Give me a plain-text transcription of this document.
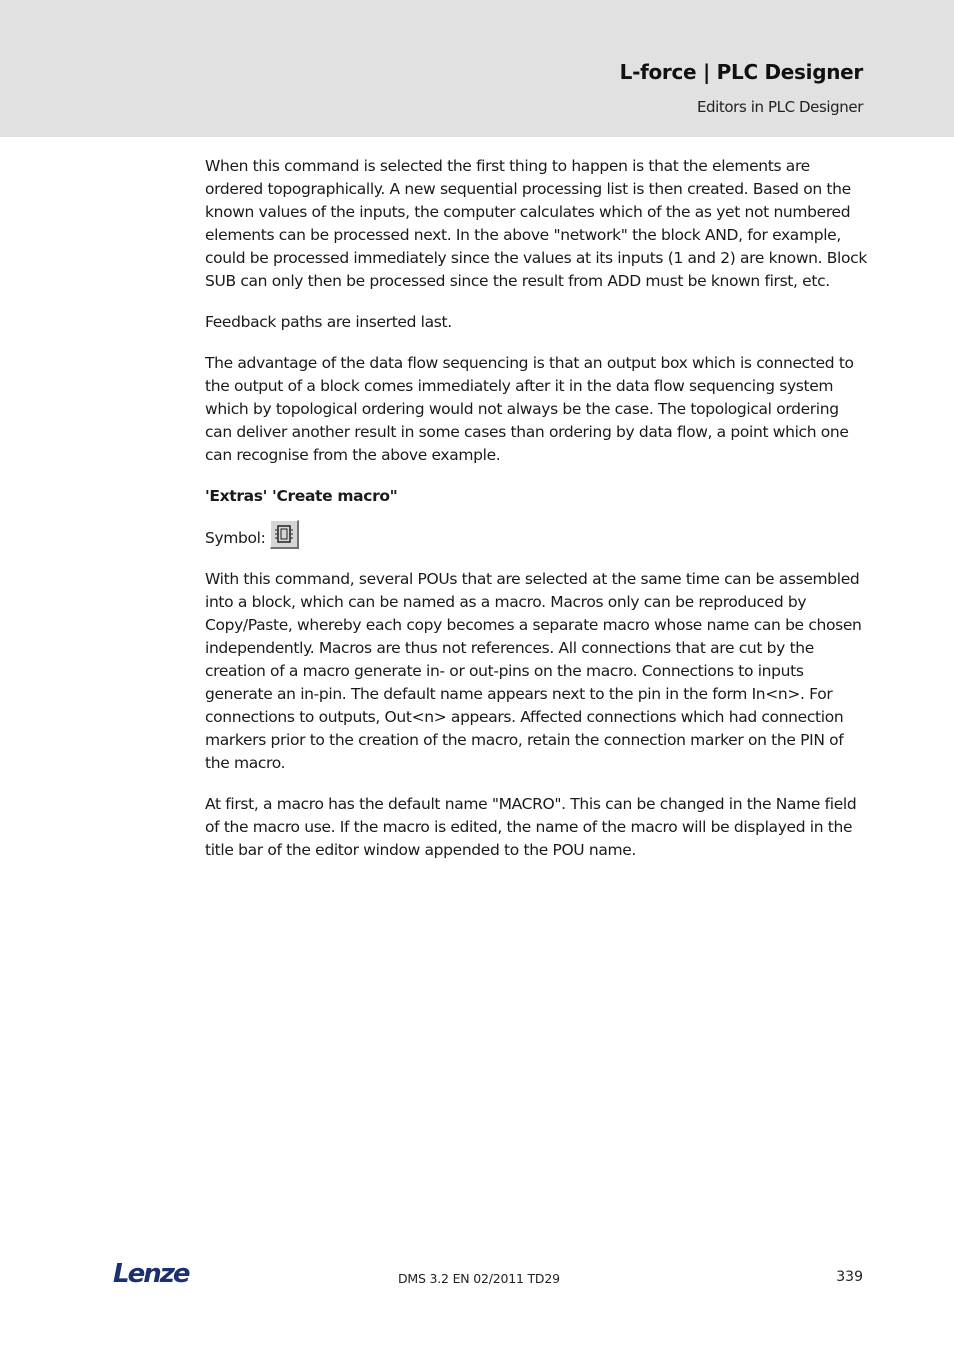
L-force | PLC Designer
Editors in PLC Designer

When this command is selected the first thing to happen is that the elements are ordered topographically. A new sequential processing list is then created. Based on the known values of the inputs, the computer calculates which of the as yet not numbered elements can be processed next. In the above "network" the block AND, for example, could be processed immediately since the values at its inputs (1 and 2) are known. Block SUB can only then be processed since the result from ADD must be known first, etc.

Feedback paths are inserted last.

The advantage of the data flow sequencing is that an output box which is connected to the output of a block comes immediately after it in the data flow sequencing system which by topological ordering would not always be the case. The topological ordering can deliver another result in some cases than ordering by data flow, a point which one can recognise from the above example.

'Extras' 'Create macro"

Symbol:

With this command, several POUs that are selected at the same time can be assembled into a block, which can be named as a macro. Macros only can be reproduced by Copy/Paste, whereby each copy becomes a separate macro whose name can be chosen independently. Macros are thus not references. All connections that are cut by the creation of a macro generate in- or out-pins on the macro. Connections to inputs generate an in-pin. The default name appears next to the pin in the form In<n>. For connections to outputs, Out<n> appears. Affected connections which had connection markers prior to the creation of the macro, retain the connection marker on the PIN of the macro.

At first, a macro has the default name "MACRO". This can be changed in the Name field of the macro use. If the macro is edited, the name of the macro will be displayed in the title bar of the editor window appended to the POU name.

Lenze	DMS 3.2 EN 02/2011 TD29	339
